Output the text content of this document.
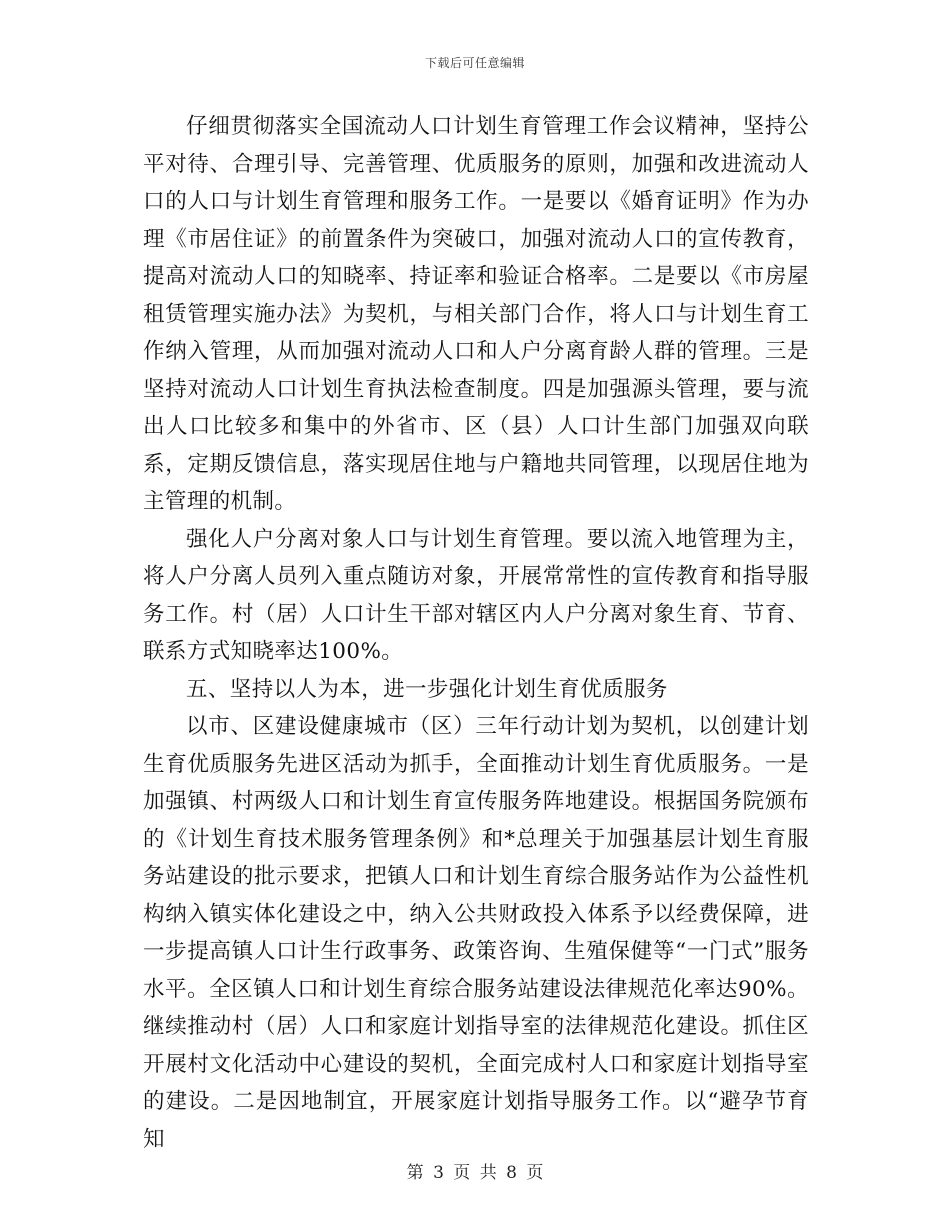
下载后可任意编辑

仔细贯彻落实全国流动人口计划生育管理工作会议精神，坚持公平对待、合理引导、完善管理、优质服务的原则，加强和改进流动人口的人口与计划生育管理和服务工作。一是要以《婚育证明》作为办理《市居住证》的前置条件为突破口，加强对流动人口的宣传教育，提高对流动人口的知晓率、持证率和验证合格率。二是要以《市房屋租赁管理实施办法》为契机，与相关部门合作，将人口与计划生育工作纳入管理，从而加强对流动人口和人户分离育龄人群的管理。三是坚持对流动人口计划生育执法检查制度。四是加强源头管理，要与流出人口比较多和集中的外省市、区（县）人口计生部门加强双向联系，定期反馈信息，落实现居住地与户籍地共同管理，以现居住地为主管理的机制。

强化人户分离对象人口与计划生育管理。要以流入地管理为主，将人户分离人员列入重点随访对象，开展常常性的宣传教育和指导服务工作。村（居）人口计生干部对辖区内人户分离对象生育、节育、联系方式知晓率达100%。

五、坚持以人为本，进一步强化计划生育优质服务

以市、区建设健康城市（区）三年行动计划为契机，以创建计划生育优质服务先进区活动为抓手，全面推动计划生育优质服务。一是加强镇、村两级人口和计划生育宣传服务阵地建设。根据国务院颁布的《计划生育技术服务管理条例》和*总理关于加强基层计划生育服务站建设的批示要求，把镇人口和计划生育综合服务站作为公益性机构纳入镇实体化建设之中，纳入公共财政投入体系予以经费保障，进一步提高镇人口计生行政事务、政策咨询、生殖保健等“一门式”服务水平。全区镇人口和计划生育综合服务站建设法律规范化率达90%。继续推动村（居）人口和家庭计划指导室的法律规范化建设。抓住区开展村文化活动中心建设的契机，全面完成村人口和家庭计划指导室的建设。二是因地制宜，开展家庭计划指导服务工作。以“避孕节育知

第 3 页 共 8 页
